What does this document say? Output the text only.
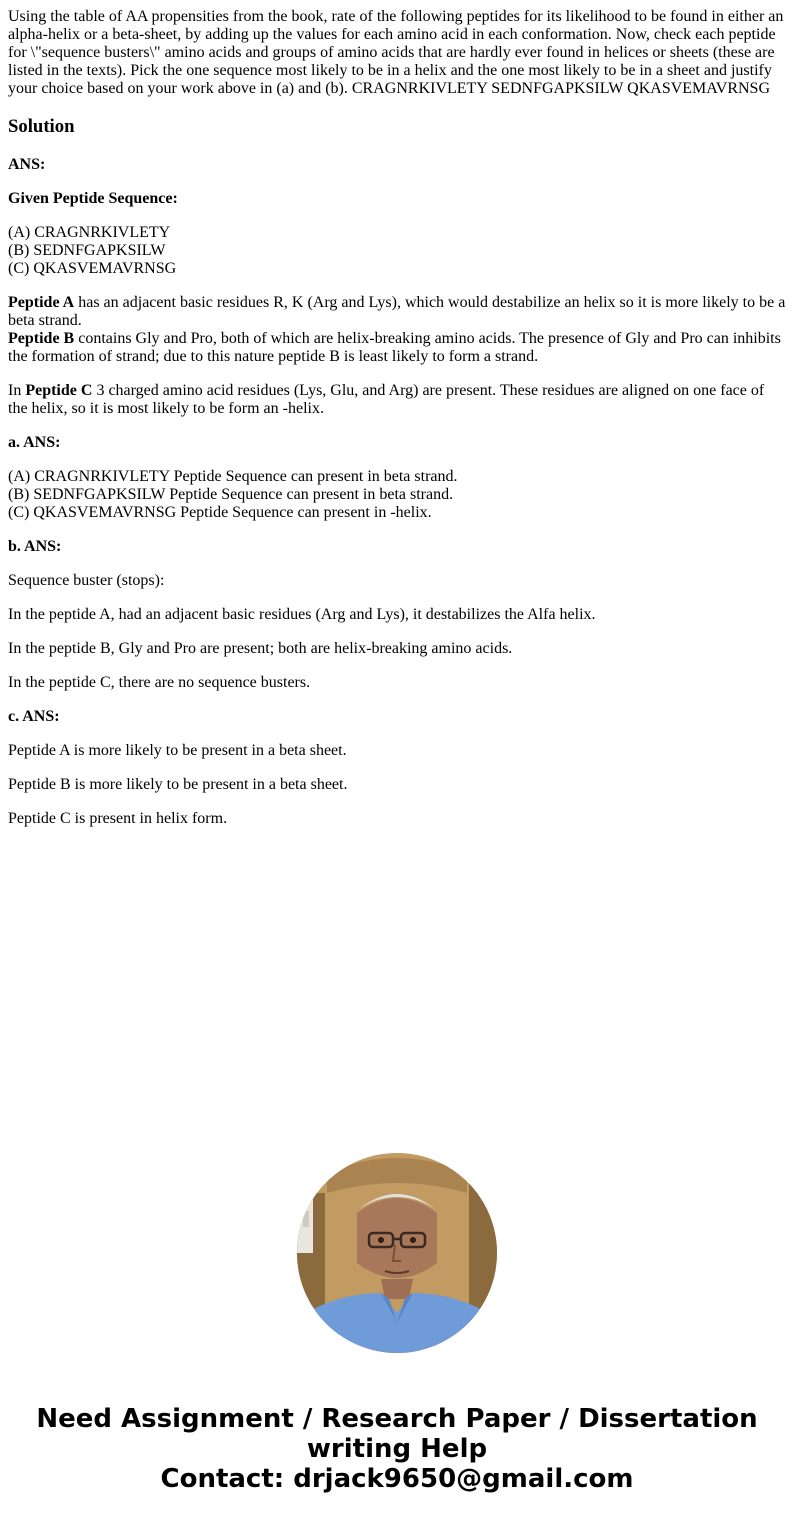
Using the table of AA propensities from the book, rate of the following peptides for its likelihood to be found in either an alpha-helix or a beta-sheet, by adding up the values for each amino acid in each conformation. Now, check each peptide for \"sequence busters\" amino acids and groups of amino acids that are hardly ever found in helices or sheets (these are listed in the texts). Pick the one sequence most likely to be in a helix and the one most likely to be in a sheet and justify your choice based on your work above in (a) and (b). CRAGNRKIVLETY SEDNFGAPKSILW QKASVEMAVRNSG

Solution

ANS:

Given Peptide Sequence:

(A) CRAGNRKIVLETY
(B) SEDNFGAPKSILW
(C) QKASVEMAVRNSG

Peptide A has an adjacent basic residues R, K (Arg and Lys), which would destabilize an helix so it is more likely to be a beta strand.
Peptide B contains Gly and Pro, both of which are helix-breaking amino acids. The presence of Gly and Pro can inhibits the formation of strand; due to this nature peptide B is least likely to form a strand.

In Peptide C 3 charged amino acid residues (Lys, Glu, and Arg) are present. These residues are aligned on one face of the helix, so it is most likely to be form an -helix.

a. ANS:

(A) CRAGNRKIVLETY Peptide Sequence can present in beta strand.
(B) SEDNFGAPKSILW Peptide Sequence can present in beta strand.
(C) QKASVEMAVRNSG Peptide Sequence can present in -helix.

b. ANS:

Sequence buster (stops):

In the peptide A, had an adjacent basic residues (Arg and Lys), it destabilizes the Alfa helix.

In the peptide B, Gly and Pro are present; both are helix-breaking amino acids.

In the peptide C, there are no sequence busters.

c. ANS:

Peptide A is more likely to be present in a beta sheet.

Peptide B is more likely to be present in a beta sheet.

Peptide C is present in helix form.

Need Assignment / Research Paper / Dissertation
writing Help
Contact: drjack9650@gmail.com
